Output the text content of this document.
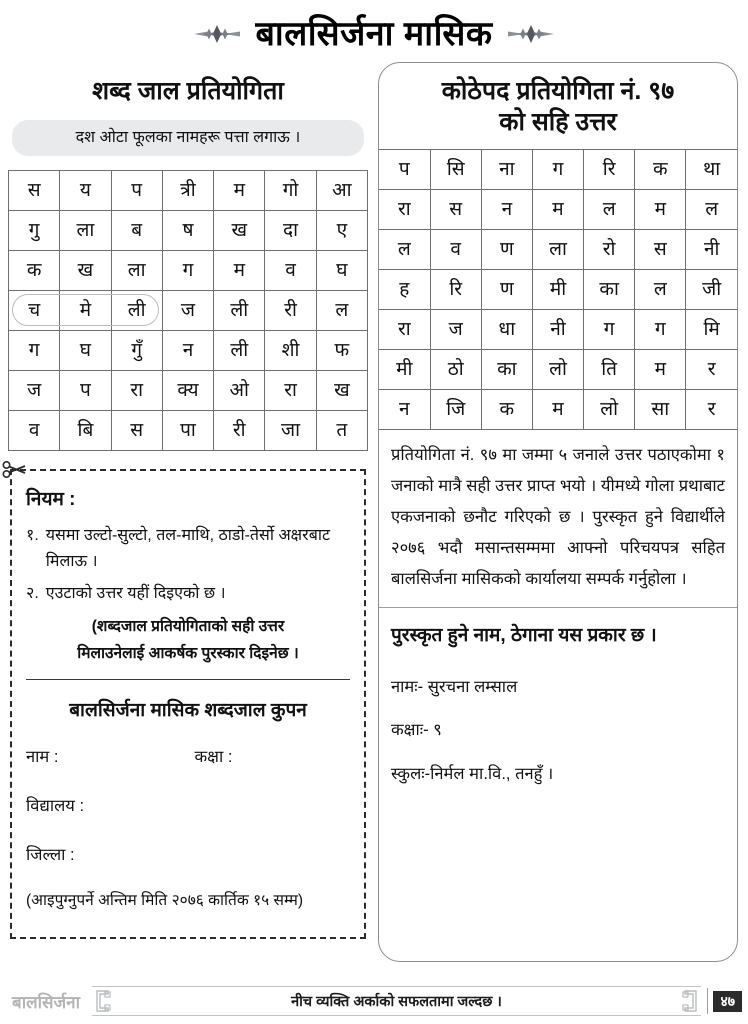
बालसिर्जना मासिक
शब्द जाल प्रतियोगिता
दश ओटा फूलका नामहरू पत्ता लगाऊ ।
स	य	प	त्री	म	गो	आ
गु	ला	ब	ष	ख	दा	ए
क	ख	ला	ग	म	व	घ
च	मे	ली	ज	ली	री	ल
ग	घ	गुँ	न	ली	शी	फ
ज	प	रा	क्य	ओ	रा	ख
व	बि	स	पा	री	जा	त
नियम :
१. यसमा उल्टो-सुल्टो, तल-माथि, ठाडो-तेर्सो अक्षरबाट मिलाऊ ।
२. एउटाको उत्तर यहीं दिइएको छ ।
(शब्दजाल प्रतियोगिताको सही उत्तर
मिलाउनेलाई आकर्षक पुरस्कार दिइनेछ ।
बालसिर्जना मासिक शब्दजाल कुपन
नाम :	कक्षा :
विद्यालय :
जिल्ला :
(आइपुग्नुपर्ने अन्तिम मिति २०७६ कार्तिक १५ सम्म)
कोठेपद प्रतियोगिता नं. ९७
को सहि उत्तर
प	सि	ना	ग	रि	क	था
रा	स	न	म	ल	म	ल
ल	व	ण	ला	रो	स	नी
ह	रि	ण	मी	का	ल	जी
रा	ज	धा	नी	ग	ग	मि
मी	ठो	का	लो	ति	म	र
न	जि	क	म	लो	सा	र
प्रतियोगिता नं. ९७ मा जम्मा ५ जनाले उत्तर पठाएकोमा १ जनाको मात्रै सही उत्तर प्राप्त भयो । यीमध्ये गोला प्रथाबाट एकजनाको छनौट गरिएको छ । पुरस्कृत हुने विद्यार्थीले २०७६ भदौ मसान्तसम्ममा आफ्नो परिचयपत्र सहित बालसिर्जना मासिकको कार्यालया सम्पर्क गर्नुहोला ।
पुरस्कृत हुने नाम, ठेगाना यस प्रकार छ ।
नामः- सुरचना लम्साल
कक्षाः- ९
स्कुलः-निर्मल मा.वि., तनहुँ ।
बालसिर्जना	नीच व्यक्ति अर्काको सफलतामा जल्दछ ।	४७
